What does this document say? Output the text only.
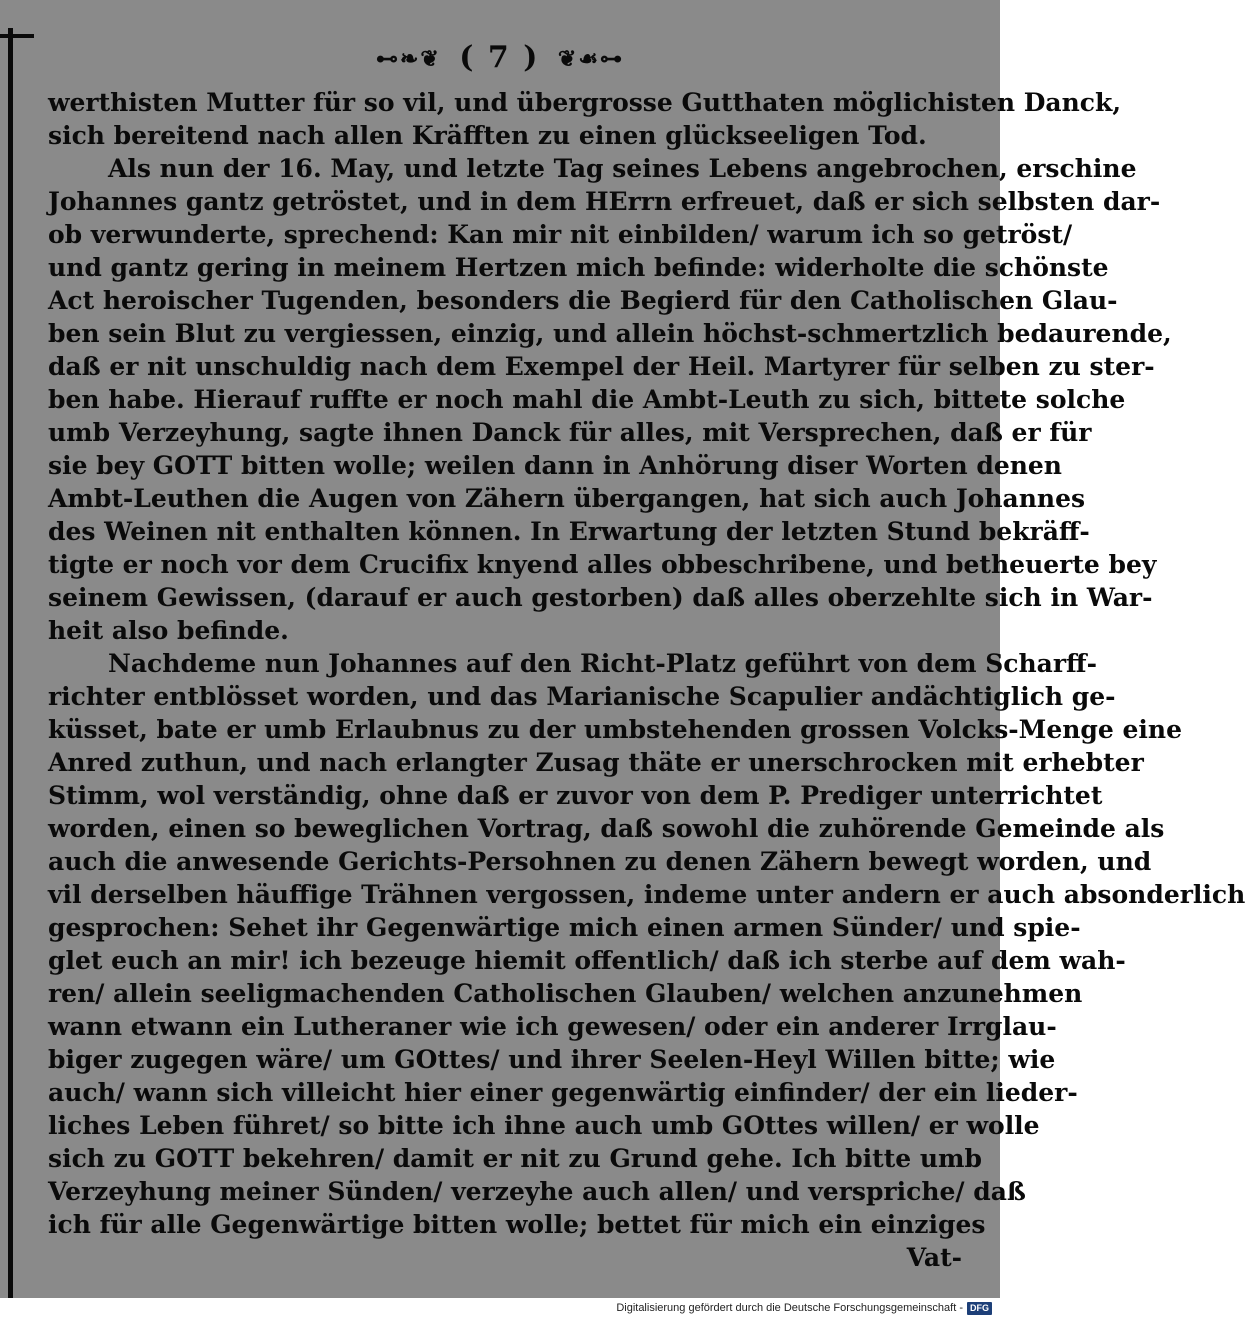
⊷❧❦ ( 7 ) ❦☙⊶
werthisten Mutter für so vil, und übergrosse Gutthaten möglichisten Danck,
sich bereitend nach allen Kräfften zu einen glückseeligen Tod.
Als nun der 16. May, und letzte Tag seines Lebens angebrochen, erschine
Johannes gantz getröstet, und in dem HErrn erfreuet, daß er sich selbsten dar-
ob verwunderte, sprechend: Kan mir nit einbilden/ warum ich so getröst/
und gantz gering in meinem Hertzen mich befinde: widerholte die schönste
Act heroischer Tugenden, besonders die Begierd für den Catholischen Glau-
ben sein Blut zu vergiessen, einzig, und allein höchst-schmertzlich bedaurende,
daß er nit unschuldig nach dem Exempel der Heil. Martyrer für selben zu ster-
ben habe. Hierauf ruffte er noch mahl die Ambt-Leuth zu sich, bittete solche
umb Verzeyhung, sagte ihnen Danck für alles, mit Versprechen, daß er für
sie bey GOTT bitten wolle; weilen dann in Anhörung diser Worten denen
Ambt-Leuthen die Augen von Zähern übergangen, hat sich auch Johannes
des Weinen nit enthalten können. In Erwartung der letzten Stund bekräff-
tigte er noch vor dem Crucifix knyend alles obbeschribene, und betheuerte bey
seinem Gewissen, (darauf er auch gestorben) daß alles oberzehlte sich in War-
heit also befinde.
Nachdeme nun Johannes auf den Richt-Platz geführt von dem Scharff-
richter entblösset worden, und das Marianische Scapulier andächtiglich ge-
küsset, bate er umb Erlaubnus zu der umbstehenden grossen Volcks-Menge eine
Anred zuthun, und nach erlangter Zusag thäte er unerschrocken mit erhebter
Stimm, wol verständig, ohne daß er zuvor von dem P. Prediger unterrichtet
worden, einen so beweglichen Vortrag, daß sowohl die zuhörende Gemeinde als
auch die anwesende Gerichts-Persohnen zu denen Zähern bewegt worden, und
vil derselben häuffige Trähnen vergossen, indeme unter andern er auch absonderlich
gesprochen: Sehet ihr Gegenwärtige mich einen armen Sünder/ und spie-
glet euch an mir! ich bezeuge hiemit offentlich/ daß ich sterbe auf dem wah-
ren/ allein seeligmachenden Catholischen Glauben/ welchen anzunehmen
wann etwann ein Lutheraner wie ich gewesen/ oder ein anderer Irrglau-
biger zugegen wäre/ um GOttes/ und ihrer Seelen-Heyl Willen bitte; wie
auch/ wann sich villeicht hier einer gegenwärtig einfinder/ der ein lieder-
liches Leben führet/ so bitte ich ihne auch umb GOttes willen/ er wolle
sich zu GOTT bekehren/ damit er nit zu Grund gehe. Ich bitte umb
Verzeyhung meiner Sünden/ verzeyhe auch allen/ und verspriche/ daß
ich für alle Gegenwärtige bitten wolle; bettet für mich ein einziges
Vat-
Digitalisierung gefördert durch die Deutsche Forschungsgemeinschaft - DFG
